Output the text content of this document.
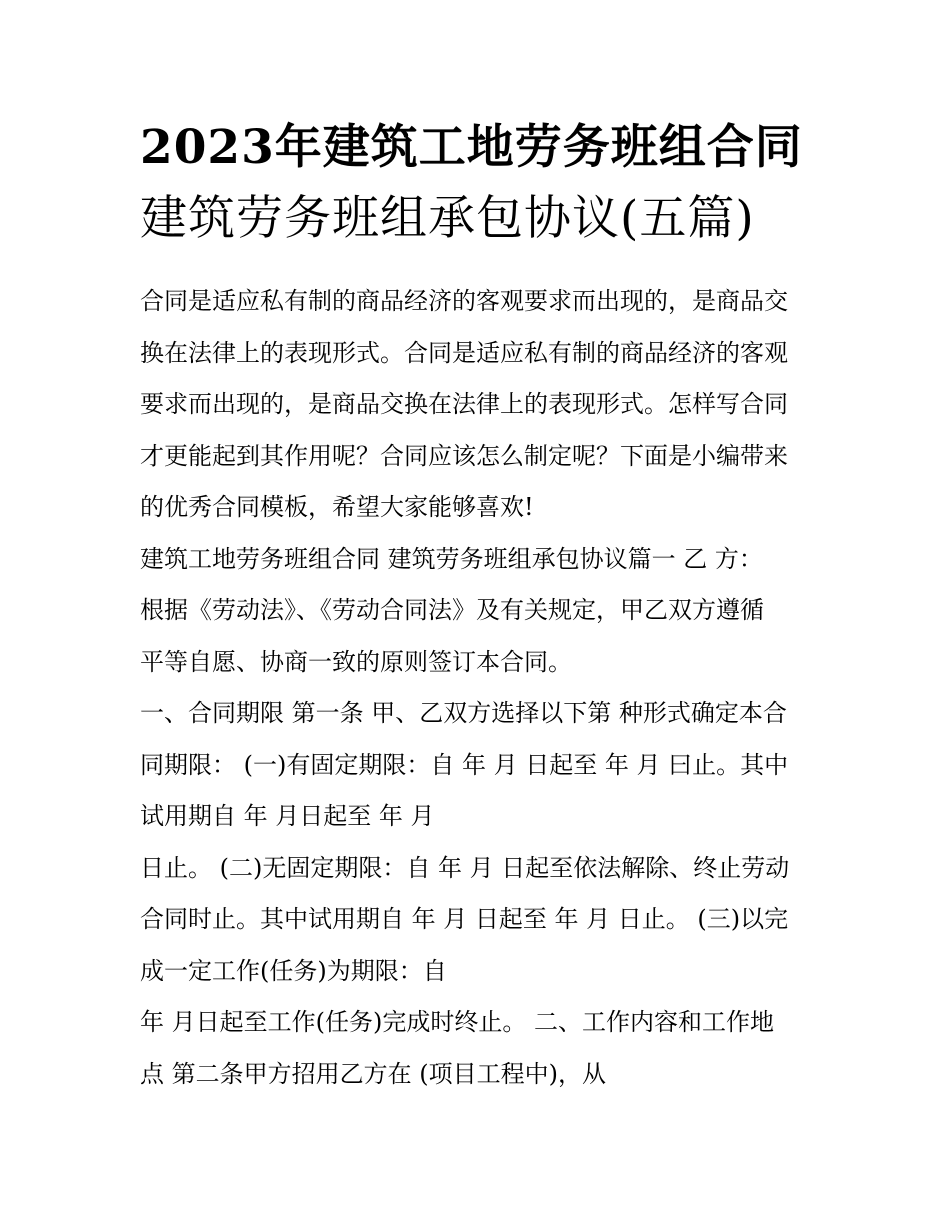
2023年建筑工地劳务班组合同
建筑劳务班组承包协议(五篇)
合同是适应私有制的商品经济的客观要求而出现的，是商品交
换在法律上的表现形式。合同是适应私有制的商品经济的客观
要求而出现的，是商品交换在法律上的表现形式。怎样写合同
才更能起到其作用呢？合同应该怎么制定呢？下面是小编带来
的优秀合同模板，希望大家能够喜欢!
建筑工地劳务班组合同 建筑劳务班组承包协议篇一 乙 方：
根据《劳动法》、《劳动合同法》及有关规定，甲乙双方遵循
平等自愿、协商一致的原则签订本合同。
一、合同期限 第一条 甲、乙双方选择以下第 种形式确定本合
同期限： (一)有固定期限：自 年 月 日起至 年 月 曰止。其中
试用期自 年 月日起至 年 月
日止。 (二)无固定期限：自 年 月 日起至依法解除、终止劳动
合同时止。其中试用期自 年 月 日起至 年 月 日止。 (三)以完
成一定工作(任务)为期限：自
年 月日起至工作(任务)完成时终止。 二、工作内容和工作地
点 第二条甲方招用乙方在 (项目工程中)，从
